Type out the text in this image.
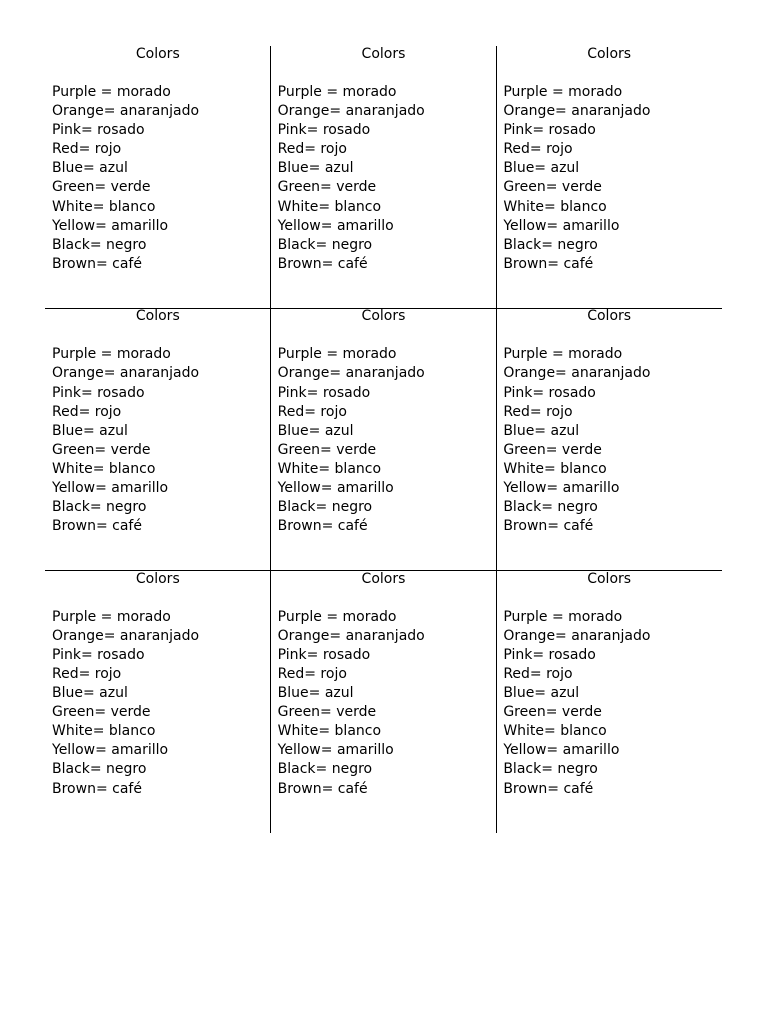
Colors
Purple = morado
Orange= anaranjado
Pink= rosado
Red= rojo
Blue= azul
Green= verde
White= blanco
Yellow= amarillo
Black= negro
Brown= café
Colors
Purple = morado
Orange= anaranjado
Pink= rosado
Red= rojo
Blue= azul
Green= verde
White= blanco
Yellow= amarillo
Black= negro
Brown= café
Colors
Purple = morado
Orange= anaranjado
Pink= rosado
Red= rojo
Blue= azul
Green= verde
White= blanco
Yellow= amarillo
Black= negro
Brown= café
Colors
Purple = morado
Orange= anaranjado
Pink= rosado
Red= rojo
Blue= azul
Green= verde
White= blanco
Yellow= amarillo
Black= negro
Brown= café
Colors
Purple = morado
Orange= anaranjado
Pink= rosado
Red= rojo
Blue= azul
Green= verde
White= blanco
Yellow= amarillo
Black= negro
Brown= café
Colors
Purple = morado
Orange= anaranjado
Pink= rosado
Red= rojo
Blue= azul
Green= verde
White= blanco
Yellow= amarillo
Black= negro
Brown= café
Colors
Purple = morado
Orange= anaranjado
Pink= rosado
Red= rojo
Blue= azul
Green= verde
White= blanco
Yellow= amarillo
Black= negro
Brown= café
Colors
Purple = morado
Orange= anaranjado
Pink= rosado
Red= rojo
Blue= azul
Green= verde
White= blanco
Yellow= amarillo
Black= negro
Brown= café
Colors
Purple = morado
Orange= anaranjado
Pink= rosado
Red= rojo
Blue= azul
Green= verde
White= blanco
Yellow= amarillo
Black= negro
Brown= café
